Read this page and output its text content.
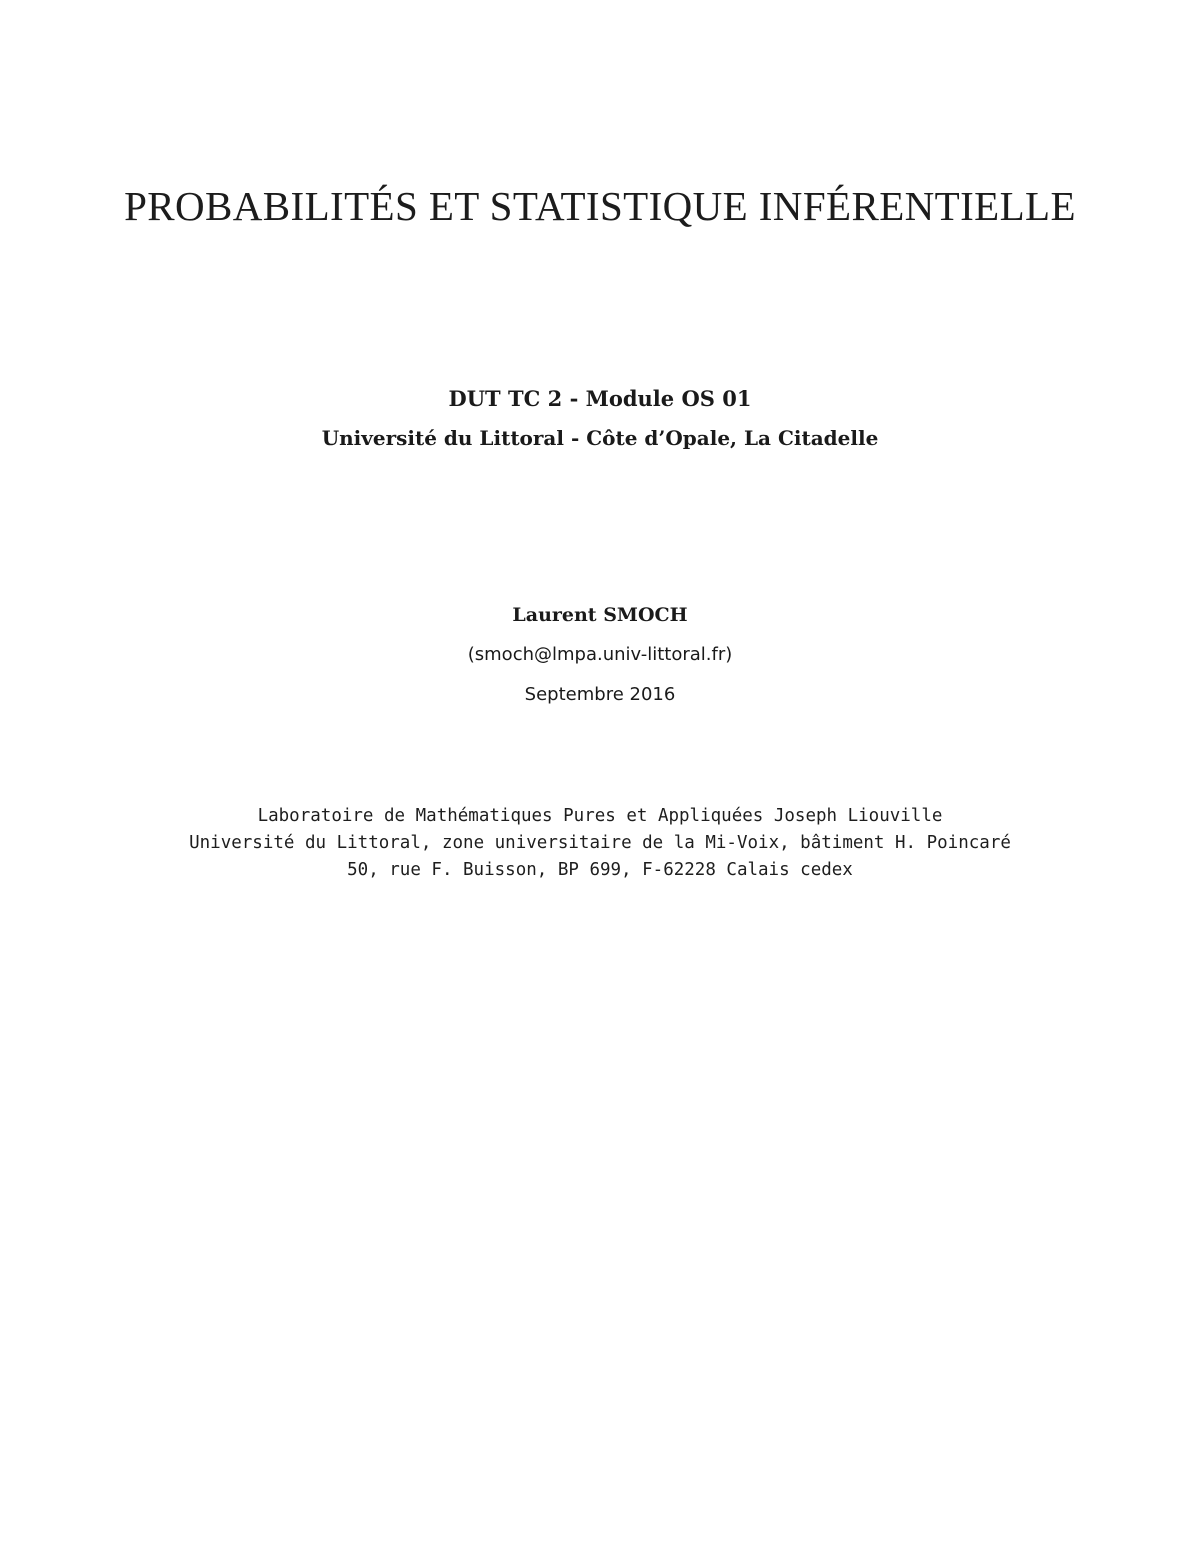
PROBABILITÉS ET STATISTIQUE INFÉRENTIELLE
DUT TC 2 - Module OS 01
Université du Littoral - Côte d’Opale, La Citadelle
Laurent SMOCH
(smoch@lmpa.univ-littoral.fr)
Septembre 2016
Laboratoire de Mathématiques Pures et Appliquées Joseph Liouville
Université du Littoral, zone universitaire de la Mi-Voix, bâtiment H. Poincaré
50, rue F. Buisson, BP 699, F-62228 Calais cedex
